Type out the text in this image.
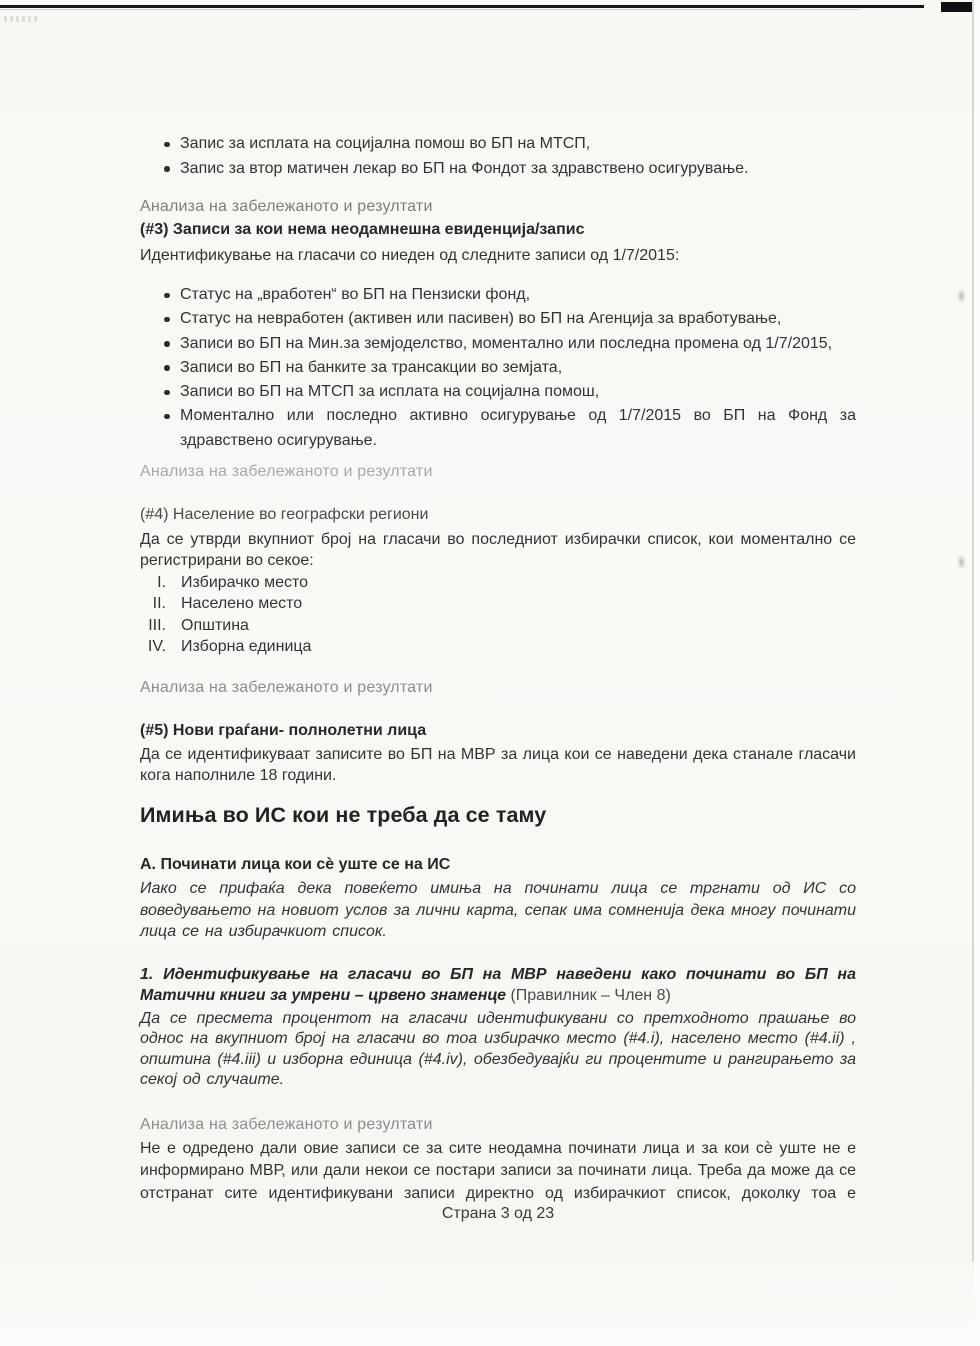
Запис за исплата на социјална помош во БП на МТСП,
Запис за втор матичен лекар во БП на Фондот за здравствено осигурување.
Анализа на забележаното и резултати
(#3) Записи за кои нема неодамнешна евиденција/запис
Идентификување на гласачи со ниеден од следните записи од 1/7/2015:
Статус на „вработен“ во БП на Пензиски фонд,
Статус на невработен (активен или пасивен) во БП на Агенција за вработување,
Записи во БП на Мин.за земјоделство, моментално или последна промена од 1/7/2015,
Записи во БП на банките за трансакции во земјата,
Записи во БП на МТСП за исплата на социјална помош,
Моментално или последно активно осигурување од 1/7/2015 во БП на Фонд за здравствено осигурување.
Анализа на забележаното и резултати
(#4) Население во географски региони
Да се утврди вкупниот број на гласачи во последниот избирачки список, кои моментално се регистрирани во секое:
I. Избирачко место
II. Населено место
III. Општина
IV. Изборна единица
Анализа на забележаното и резултати
(#5) Нови граѓани- полнолетни лица
Да се идентификуваат записите во БП на МВР за лица кои се наведени дека станале гласачи кога наполниле 18 години.
Имиња во ИС кои не треба да се таму
А. Починати лица кои сѐ уште се на ИС
Иако се прифаќа дека повеќето имиња на починати лица се тргнати од ИС со воведувањето на новиот услов за лични карта, сепак има сомненија дека многу починати лица се на избирачкиот список.
1. Идентификување на гласачи во БП на МВР наведени како починати во БП на Матични книги за умрени – црвено знаменце (Правилник – Член 8)
Да се пресмета процентот на гласачи идентификувани со претходното прашање во однос на вкупниот број на гласачи во тоа избирачко место (#4.i), населено место (#4.ii) , општина (#4.iii) и изборна единица (#4.iv), обезбедувајќи ги процентите и рангирањето за секој од случаите.
Анализа на забележаното и резултати
Не е одредено дали овие записи се за сите неодамна починати лица и за кои сѐ уште не е информирано МВР, или дали некои се постари записи за починати лица. Треба да може да се отстранат сите идентификувани записи директно од избирачкиот список, доколку тоа е
Страна 3 од 23
